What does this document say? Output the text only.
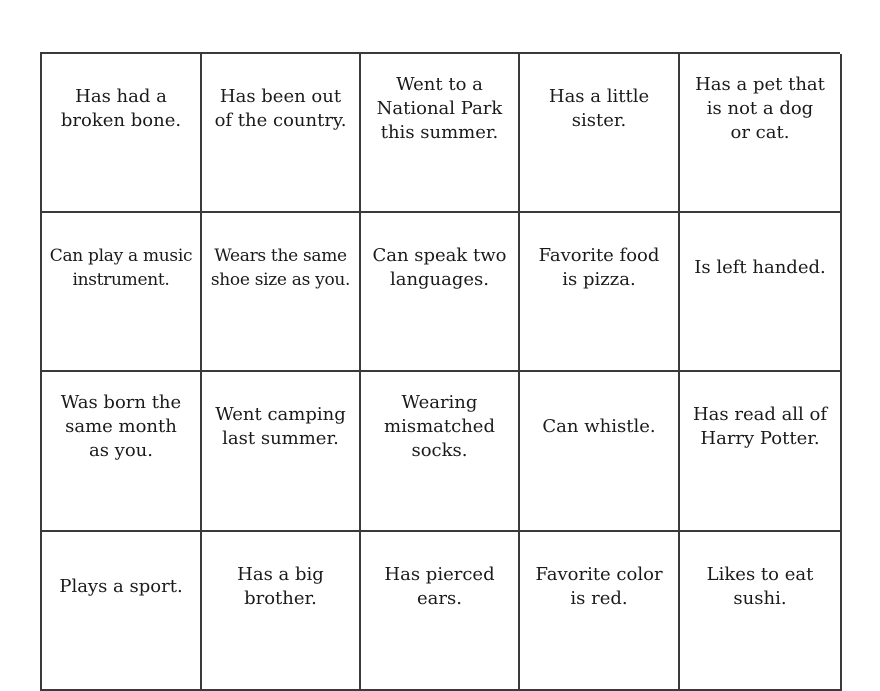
Has had a
broken bone.
Has been out
of the country.
Went to a
National Park
this summer.
Has a little
sister.
Has a pet that
is not a dog
or cat.
Can play a music
instrument.
Wears the same
shoe size as you.
Can speak two
languages.
Favorite food
is pizza.
Is left handed.
Was born the
same month
as you.
Went camping
last summer.
Wearing
mismatched
socks.
Can whistle.
Has read all of
Harry Potter.
Plays a sport.
Has a big
brother.
Has pierced
ears.
Favorite color
is red.
Likes to eat
sushi.
